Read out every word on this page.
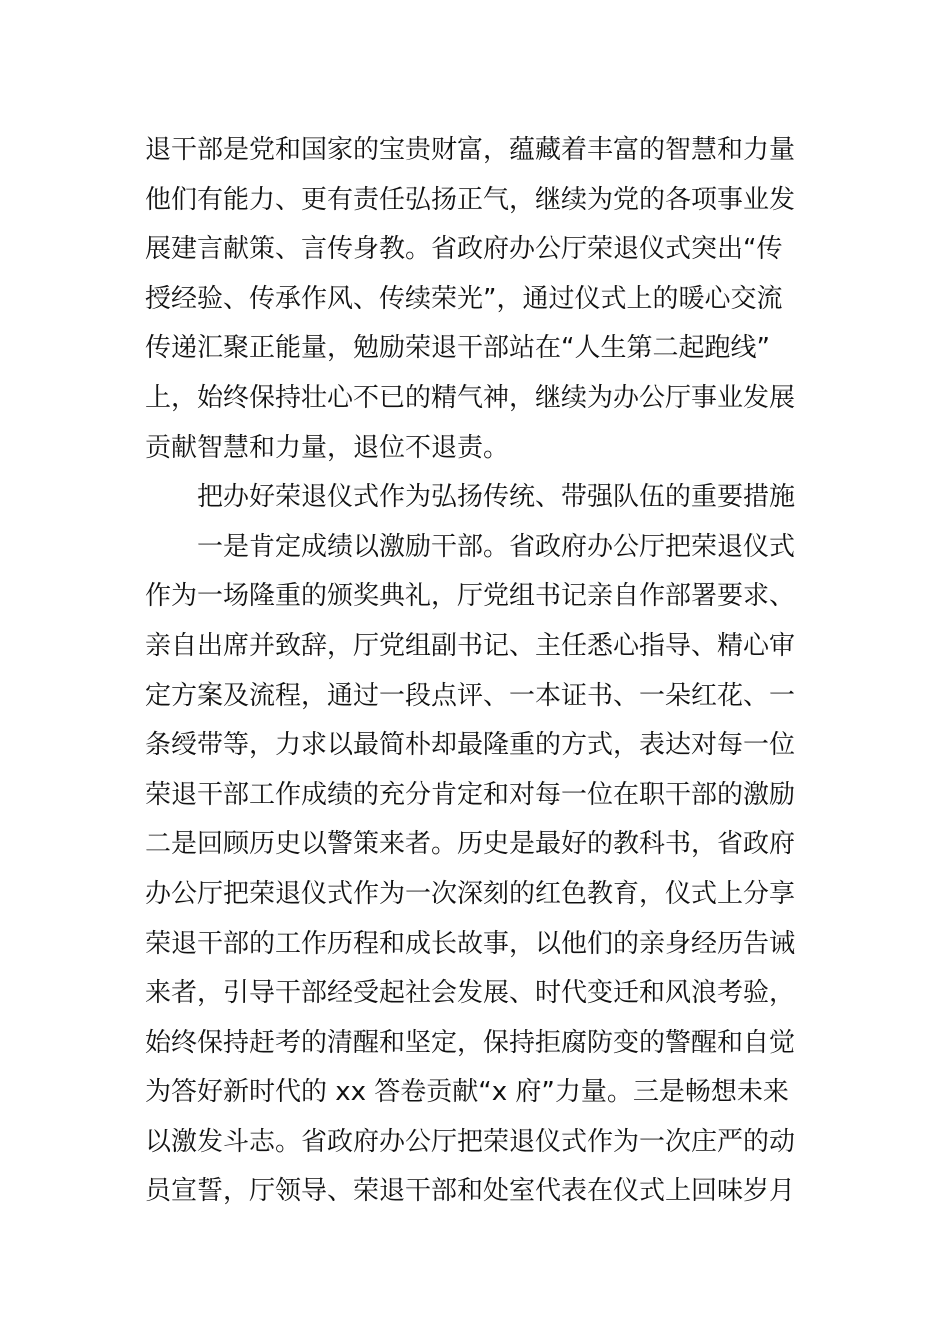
退干部是党和国家的宝贵财富，蕴藏着丰富的智慧和力量
他们有能力、更有责任弘扬正气，继续为党的各项事业发
展建言献策、言传身教。省政府办公厅荣退仪式突出“传
授经验、传承作风、传续荣光”，通过仪式上的暖心交流
传递汇聚正能量，勉励荣退干部站在“人生第二起跑线”
上，始终保持壮心不已的精气神，继续为办公厅事业发展
贡献智慧和力量，退位不退责。
把办好荣退仪式作为弘扬传统、带强队伍的重要措施
一是肯定成绩以激励干部。省政府办公厅把荣退仪式
作为一场隆重的颁奖典礼，厅党组书记亲自作部署要求、
亲自出席并致辞，厅党组副书记、主任悉心指导、精心审
定方案及流程，通过一段点评、一本证书、一朵红花、一
条绶带等，力求以最简朴却最隆重的方式，表达对每一位
荣退干部工作成绩的充分肯定和对每一位在职干部的激励
二是回顾历史以警策来者。历史是最好的教科书，省政府
办公厅把荣退仪式作为一次深刻的红色教育，仪式上分享
荣退干部的工作历程和成长故事，以他们的亲身经历告诫
来者，引导干部经受起社会发展、时代变迁和风浪考验，
始终保持赶考的清醒和坚定，保持拒腐防变的警醒和自觉
为答好新时代的 xx 答卷贡献“x 府”力量。三是畅想未来
以激发斗志。省政府办公厅把荣退仪式作为一次庄严的动
员宣誓，厅领导、荣退干部和处室代表在仪式上回味岁月
